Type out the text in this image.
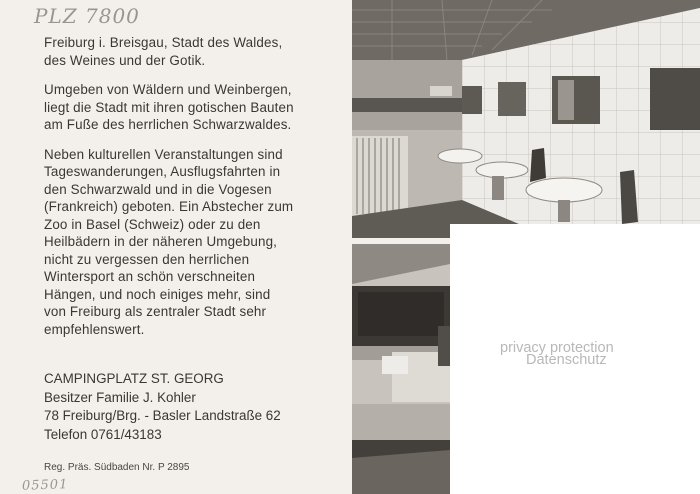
PLZ 7800

Freiburg i. Breisgau, Stadt des Waldes,
des Weines und der Gotik.

Umgeben von Wäldern und Weinbergen,
liegt die Stadt mit ihren gotischen Bauten
am Fuße des herrlichen Schwarzwaldes.

Neben kulturellen Veranstaltungen sind
Tageswanderungen, Ausflugsfahrten in
den Schwarzwald und in die Vogesen
(Frankreich) geboten. Ein Abstecher zum
Zoo in Basel (Schweiz) oder zu den
Heilbädern in der näheren Umgebung,
nicht zu vergessen den herrlichen
Wintersport an schön verschneiten
Hängen, und noch einiges mehr, sind
von Freiburg als zentraler Stadt sehr
empfehlenswert.

CAMPINGPLATZ ST. GEORG

Besitzer Familie J. Kohler

78 Freiburg/Brg. - Basler Landstraße 62

Telefon 0761/43183

Reg. Präs. Südbaden Nr. P 2895
05501
privacy protection
Datenschutz
